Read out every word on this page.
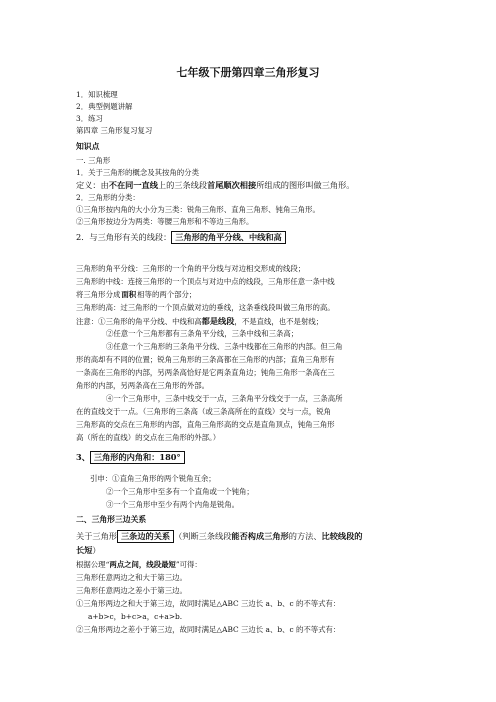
七年级下册第四章三角形复习
1．知识梳理
2．典型例题讲解
3．练习
第四章 三角形复习复习
知识点
一. 三角形
1．关于三角形的概念及其按角的分类
定义：由不在同一直线上的三条线段首尾顺次相接所组成的图形叫做三角形。
2．三角形的分类：
①三角形按内角的大小分为三类：锐角三角形、直角三角形、钝角三角形。
②三角形按边分为两类：等腰三角形和不等边三角形。
2．与三角形有关的线段： 三角形的角平分线、中线和高
三角形的角平分线：三角形的一个角的平分线与对边相交形成的线段；
三角形的中线：连接三角形的一个顶点与对边中点的线段，三角形任意一条中线
将三角形分成面积相等的两个部分；
三角形的高：过三角形的一个顶点做对边的垂线，这条垂线段叫做三角形的高。
注意：①三角形的角平分线、中线和高都是线段，不是直线，也不是射线；
②任意一个三角形都有三条角平分线，三条中线和三条高；
③任意一个三角形的三条角平分线、三条中线都在三角形的内部。但三角
形的高却有不同的位置；锐角三角形的三条高都在三角形的内部；直角三角形有
一条高在三角形的内部，另两条高恰好是它两条直角边；钝角三角形一条高在三
角形的内部，另两条高在三角形的外部。
④一个三角形中，三条中线交于一点，三条角平分线交于一点，三条高所
在的直线交于一点。（三角形的三条高（或三条高所在的直线）交与一点，锐角
三角形高的交点在三角形的内部，直角三角形高的交点是直角顶点，钝角三角形
高（所在的直线）的交点在三角形的外部。）
3、 三角形的内角和：180°
引申：①直角三角形的两个锐角互余；
②一个三角形中至多有一个直角或一个钝角；
③一个三角形中至少有两个内角是锐角。
二、三角形三边关系
关于三角形 三条边的关系 （判断三条线段能否构成三角形的方法、比较线段的
长短）
根据公理“两点之间，线段最短”可得：
三角形任意两边之和大于第三边。
三角形任意两边之差小于第三边。
①三角形两边之和大于第三边，故同时满足△ABC 三边长 a、b、c 的不等式有：
a+b>c，b+c>a，c+a>b.
②三角形两边之差小于第三边，故同时满足△ABC 三边长 a、b、c 的不等式有：
